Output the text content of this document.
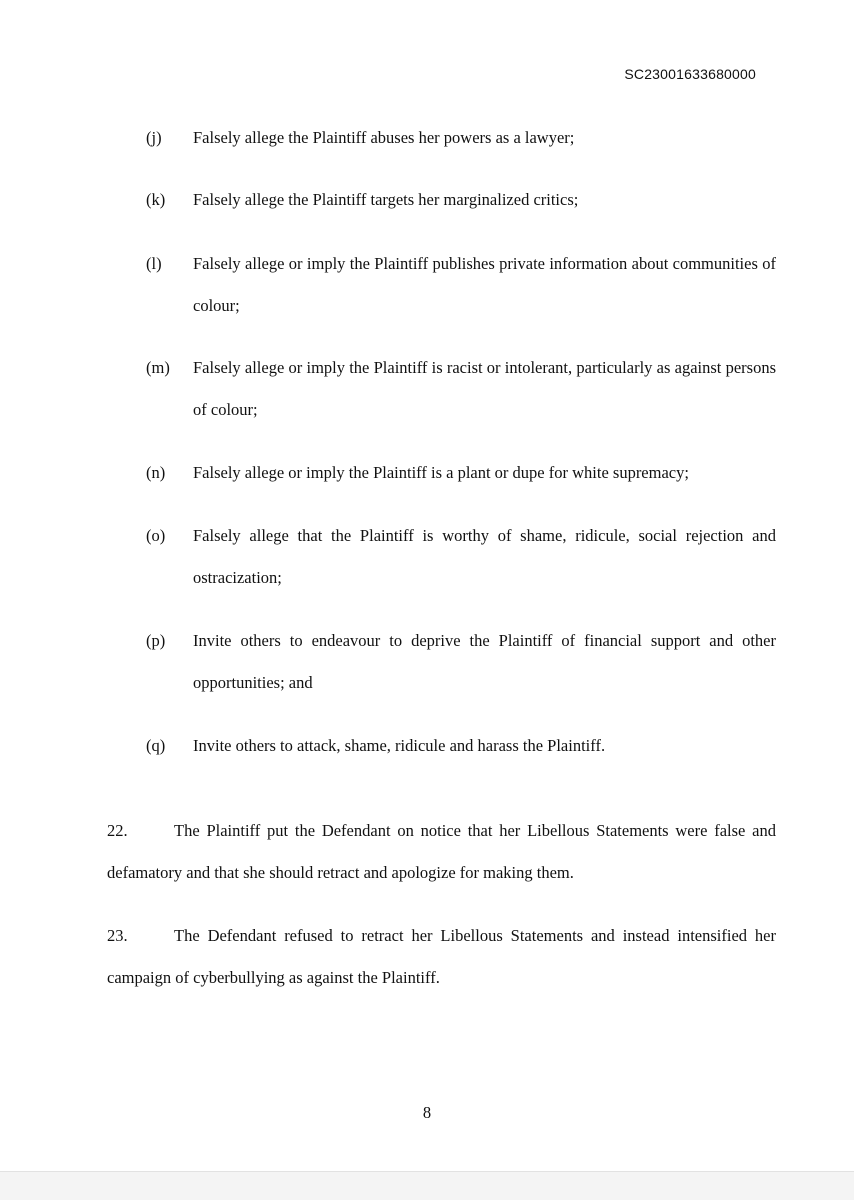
SC23001633680000
(j) Falsely allege the Plaintiff abuses her powers as a lawyer;
(k) Falsely allege the Plaintiff targets her marginalized critics;
(l) Falsely allege or imply the Plaintiff publishes private information about communities of colour;
(m) Falsely allege or imply the Plaintiff is racist or intolerant, particularly as against persons of colour;
(n) Falsely allege or imply the Plaintiff is a plant or dupe for white supremacy;
(o) Falsely allege that the Plaintiff is worthy of shame, ridicule, social rejection and ostracization;
(p) Invite others to endeavour to deprive the Plaintiff of financial support and other opportunities; and
(q) Invite others to attack, shame, ridicule and harass the Plaintiff.
22.	The Plaintiff put the Defendant on notice that her Libellous Statements were false and defamatory and that she should retract and apologize for making them.
23.	The Defendant refused to retract her Libellous Statements and instead intensified her campaign of cyberbullying as against the Plaintiff.
8
